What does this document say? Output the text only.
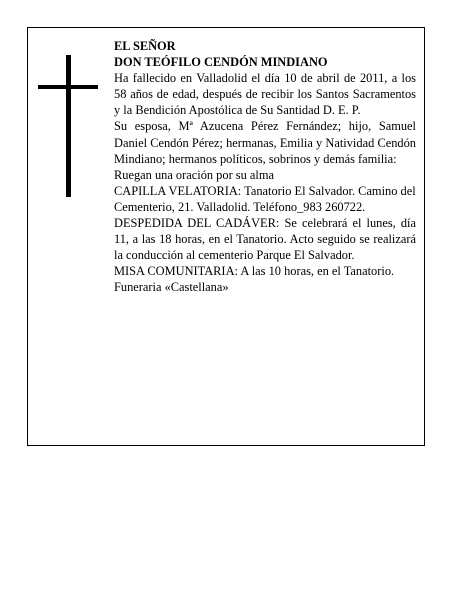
EL SEÑOR

DON TEÓFILO CENDÓN MINDIANO

Ha fallecido en Valladolid el día 10 de abril de 2011, a los 58 años de edad, después de recibir los Santos Sacramentos y la Bendición Apostólica de Su Santidad D. E. P.

Su esposa, Mª Azucena Pérez Fernández; hijo, Samuel Daniel Cendón Pérez; hermanas, Emilia y Natividad Cendón Mindiano; hermanos políticos, sobrinos y demás familia:

Ruegan una oración por su alma

CAPILLA VELATORIA: Tanatorio El Salvador. Camino del Cementerio, 21. Valladolid. Teléfono_983 260722.

DESPEDIDA DEL CADÁVER: Se celebrará el lunes, día 11, a las 18 horas, en el Tanatorio. Acto seguido se realizará la conducción al cementerio Parque El Salvador.

MISA COMUNITARIA: A las 10 horas, en el Tanatorio.

Funeraria «Castellana»
